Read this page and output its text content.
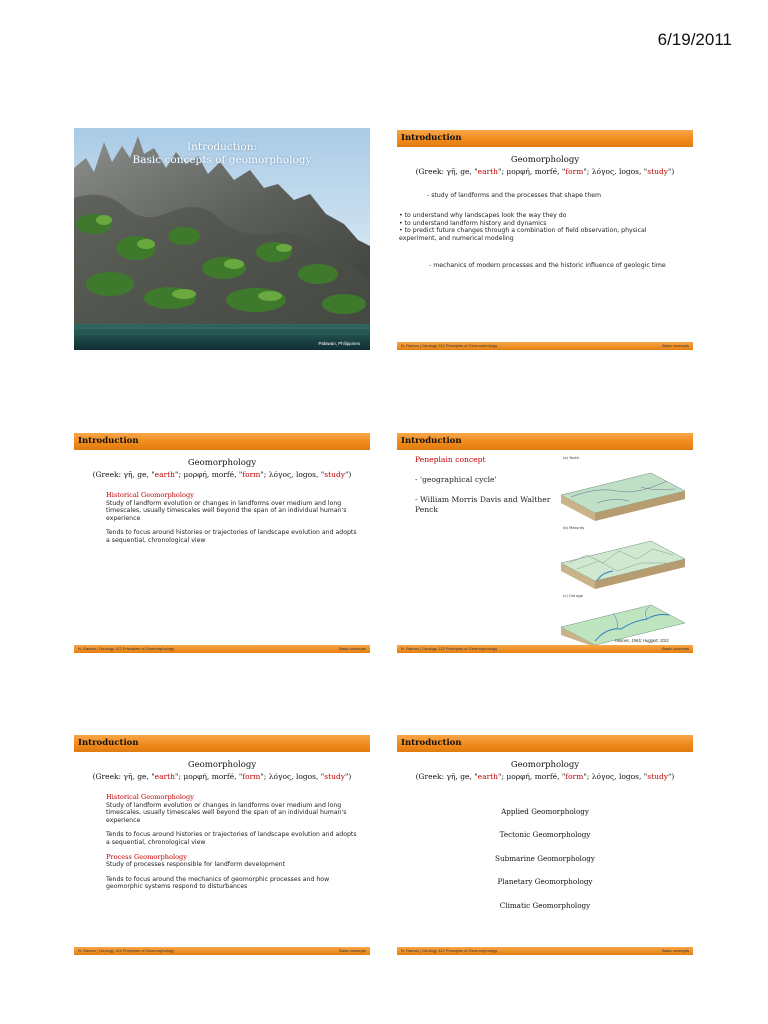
6/19/2011
Introduction:
Basic concepts of geomorphology
Palawan, Philippines
Introduction
Geomorphology
(Greek: γῆ, ge, "earth"; μορφή, morfé, "form"; λόγος, logos, "study")
- study of landforms and the processes that shape them
• to understand why landscapes look the way they do
• to understand landform history and dynamics
• to predict future changes through a combination of field observation, physical experiment, and numerical modeling
- mechanics of modern processes and the historic influence of geologic time
N. Ramos | Geology 122 Principles of Geomorphology	Basic concepts
Introduction
Geomorphology
(Greek: γῆ, ge, "earth"; μορφή, morfé, "form"; λόγος, logos, "study")
Historical Geomorphology
Study of landform evolution or changes in landforms over medium and long timescales, usually timescales well beyond the span of an individual human's experience
Tends to focus around histories or trajectories of landscape evolution and adopts a sequential, chronological view
N. Ramos | Geology 122 Principles of Geomorphology	Basic concepts
Introduction
Peneplain concept
- 'geographical cycle'
- William Morris Davis and Walther Penck
(a) Youth
(b) Maturity
(c) Old age
Holmes, 1965; Huggett, 2011
N. Ramos | Geology 122 Principles of Geomorphology	Basic concepts
Introduction
Geomorphology
(Greek: γῆ, ge, "earth"; μορφή, morfé, "form"; λόγος, logos, "study")
Historical Geomorphology
Study of landform evolution or changes in landforms over medium and long timescales, usually timescales well beyond the span of an individual human's experience
Tends to focus around histories or trajectories of landscape evolution and adopts a sequential, chronological view
Process Geomorphology
Study of processes responsible for landform development
Tends to focus around the mechanics of geomorphic processes and how geomorphic systems respond to disturbances
N. Ramos | Geology 122 Principles of Geomorphology	Basic concepts
Introduction
Geomorphology
(Greek: γῆ, ge, "earth"; μορφή, morfé, "form"; λόγος, logos, "study")
Applied Geomorphology
Tectonic Geomorphology
Submarine Geomorphology
Planetary Geomorphology
Climatic Geomorphology
N. Ramos | Geology 122 Principles of Geomorphology	Basic concepts
